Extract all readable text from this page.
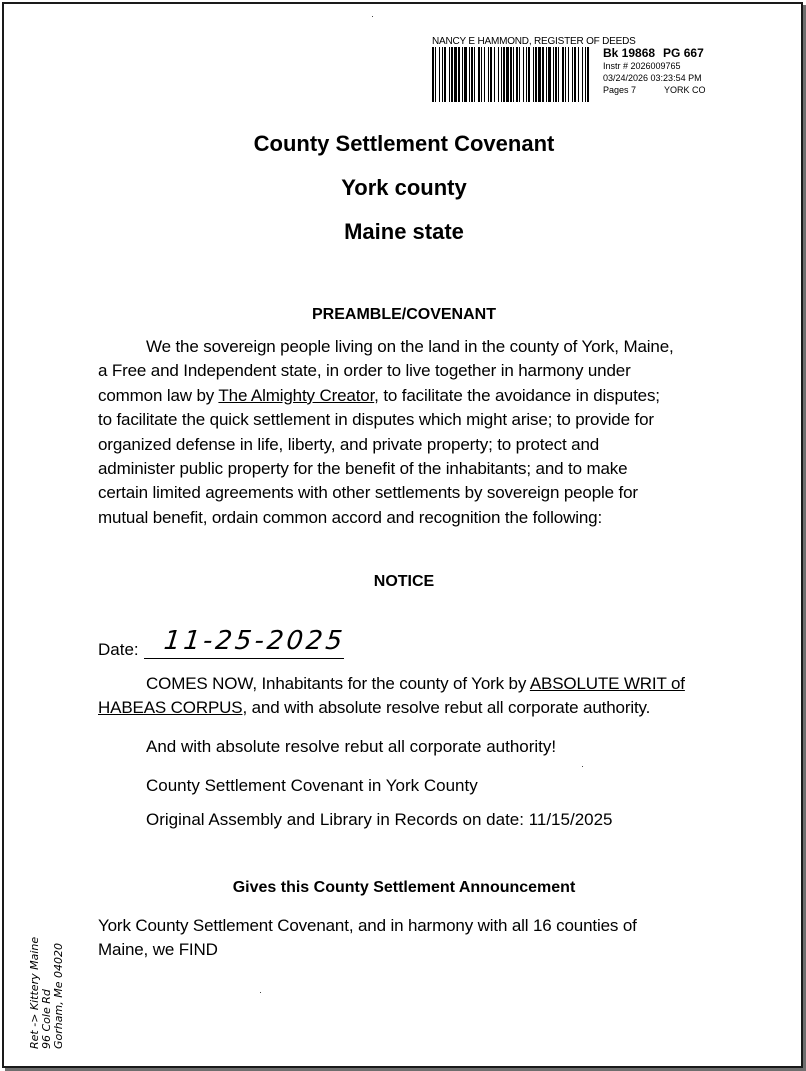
NANCY E HAMMOND, REGISTER OF DEEDS
Bk 19868 PG 667
Instr # 2026009765
03/24/2026 03:23:54 PM
Pages 7	YORK CO
County Settlement Covenant
York county
Maine state
PREAMBLE/COVENANT
We the sovereign people living on the land in the county of York, Maine,
a Free and Independent state, in order to live together in harmony under
common law by The Almighty Creator, to facilitate the avoidance in disputes;
to facilitate the quick settlement in disputes which might arise; to provide for
organized defense in life, liberty, and private property; to protect and
administer public property for the benefit of the inhabitants; and to make
certain limited agreements with other settlements by sovereign people for
mutual benefit, ordain common accord and recognition the following:
NOTICE
Date: 11-25-2025
COMES NOW, Inhabitants for the county of York by ABSOLUTE WRIT of
HABEAS CORPUS, and with absolute resolve rebut all corporate authority.
And with absolute resolve rebut all corporate authority!
County Settlement Covenant in York County
Original Assembly and Library in Records on date: 11/15/2025
Gives this County Settlement Announcement
York County Settlement Covenant, and in harmony with all 16 counties of
Maine, we FIND
Ret -> Kittery Maine 96 Cole Rd Gorham, Me 04020
